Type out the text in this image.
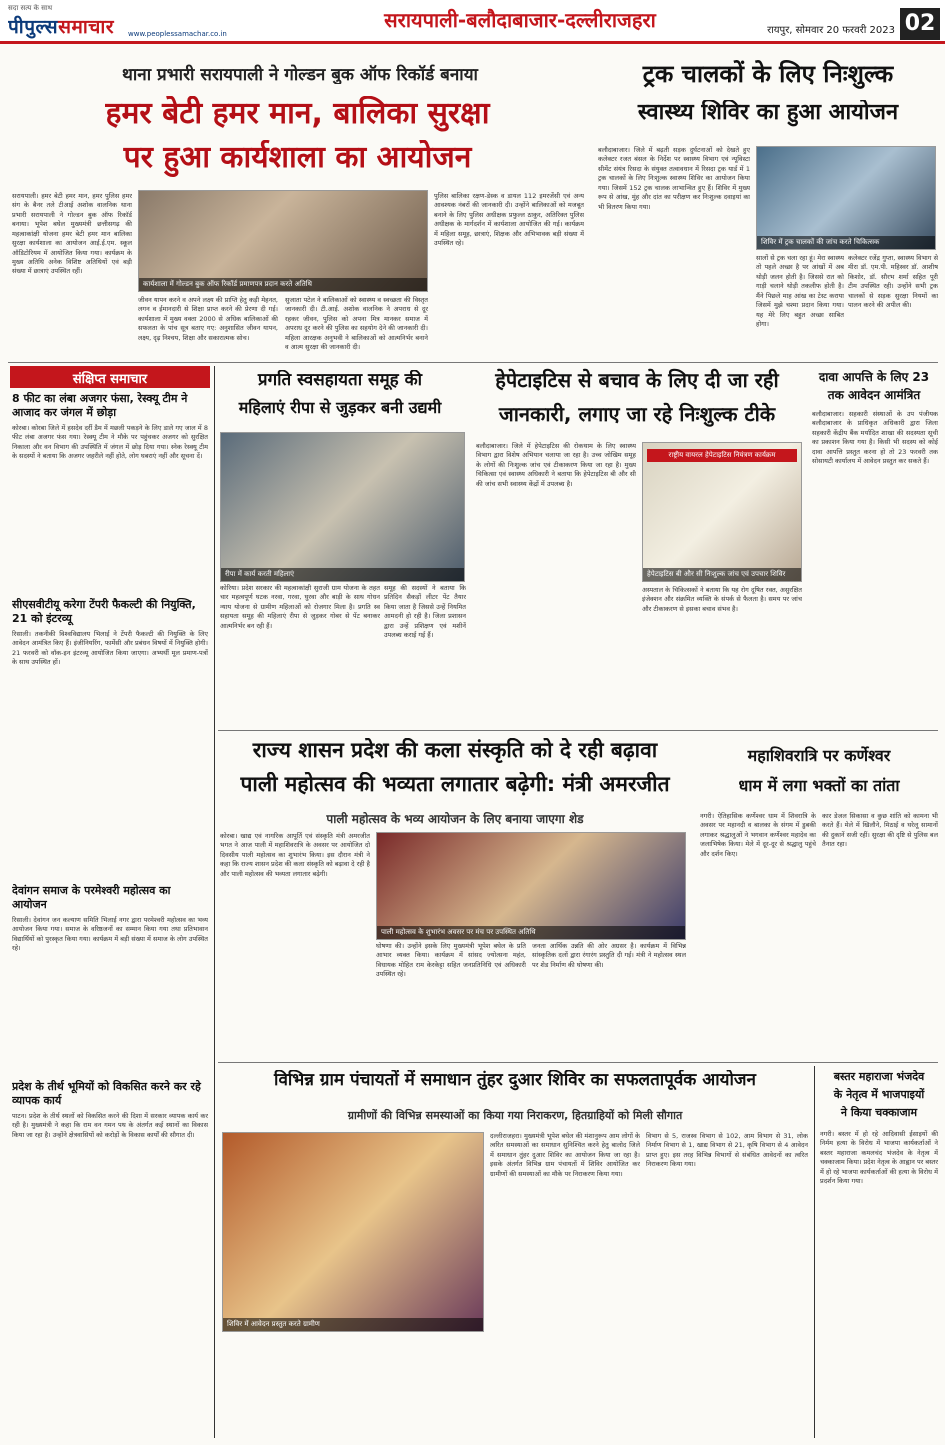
सदा सत्य के साथ
पीपुल्ससमाचार www.peoplessamachar.co.in
सरायपाली-बलौदाबाजार-दल्लीराजहरा	रायपुर, सोमवार 20 फरवरी 2023 02
थाना प्रभारी सरायपाली ने गोल्डन बुक ऑफ रिकॉर्ड बनाया
हमर बेटी हमर मान, बालिका सुरक्षा
पर हुआ कार्यशाला का आयोजन
सरायपाली। हमर बेटी हमर मान, हमर पुलिस हमर संग के बैनर तले टीआई अशोक वालनिक थाना प्रभारी सरायपाली ने गोल्डन बुक ऑफ रिकॉर्ड बनाया। भूपेश बघेल मुख्यमंत्री छत्तीसगढ़ की महत्वाकांक्षी योजना हमर बेटी हमर मान बालिका सुरक्षा कार्यशाला का आयोजन आई.ई.एम. स्कूल ऑडिटोरियम में आयोजित किया गया। कार्यक्रम के मुख्य अतिथि अनेक विशिष्ट अतिथियों एवं बड़ी संख्या में छात्राएं उपस्थित रहीं।
कार्यशाला में गोल्डन बुक ऑफ रिकॉर्ड प्रमाणपत्र प्रदान करते अतिथि
जीवन यापन करने व अपने लक्ष्य की प्राप्ति हेतु कड़ी मेहनत, लगन व ईमानदारी से शिक्षा प्राप्त करने की प्रेरणा दी गई। कार्यशाला में मुख्य वक्ता 2000 से अधिक बालिकाओं की सफलता के पांच सूत्र बताए गए: अनुशासित जीवन यापन, लक्ष्य, दृढ़ निश्चय, शिक्षा और सकारात्मक सोच।
सुजाता पटेल ने बालिकाओं को स्वास्थ्य व स्वच्छता की विस्तृत जानकारी दी। टी.आई. अशोक वालनिक ने अपराध से दूर रहकर जीवन, पुलिस को अपना मित्र मानकर समाज में अपराध दूर करने की पुलिस का सहयोग देने की जानकारी दी। महिला आरक्षक अनुभवी ने बालिकाओं को आत्मनिर्भर बनाने व आत्म सुरक्षा की जानकारी दी।
पुलिस बालिका रक्षण-डेस्क व डायल 112 इमरजेंसी एवं अन्य आवश्यक नंबरों की जानकारी दी। उन्होंने बालिकाओं को मजबूत बनाने के लिए पुलिस अधीक्षक प्रफुल्ल ठाकुर, अतिरिक्त पुलिस अधीक्षक के मार्गदर्शन में कार्यशाला आयोजित की गई। कार्यक्रम में महिला समूह, छात्राएं, शिक्षक और अभिभावक बड़ी संख्या में उपस्थित रहे।
ट्रक चालकों के लिए निःशुल्क
स्वास्थ्य शिविर का हुआ आयोजन
बलौदाबाजार। जिले में बढ़ती सड़क दुर्घटनाओं को देखते हुए कलेक्टर रजत बंसल के निर्देश पर स्वास्थ्य विभाग एवं न्यूविस्टा सीमेंट संयंत्र रिसदा के संयुक्त तत्वावधान में रिसदा ट्रक यार्ड में 1 ट्रक चालकों के लिए निःशुल्क स्वास्थ्य शिविर का आयोजन किया गया। जिसमें 152 ट्रक चालक लाभान्वित हुए हैं। शिविर में मुख्य रूप से आंख, मुंह और दांत का परीक्षण कर निःशुल्क दवाइयां का भी वितरण किया गया।
शिविर में ट्रक चालकों की जांच करते चिकित्सक
सालों से ट्रक चला रहा हूं। मेरा स्वास्थ्य तो पहले अच्छा है पर आंखों में अब थोड़ी जलन होती है। जिससे रात को गाड़ी चलाने थोड़ी तकलीफ होती है। मैंने पिछले माह आंख का टेस्ट कराया जिसमें मुझे चश्मा प्रदान किया गया। यह मेरे लिए बहुत अच्छा साबित होगा।
कलेक्टर रजेंद्र गुप्ता, स्वास्थ्य विभाग से मीरा डॉ. एम.पी. महिस्वर डॉ. आशीष किशोर, डॉ. सौरभ शर्मा सहित पूरी टीम उपस्थित रही। उन्होंने सभी ट्रक चालकों से सड़क सुरक्षा नियमों का पालन करने की अपील की।
संक्षिप्त समाचार
8 फीट का लंबा अजगर फंसा, रेस्क्यू टीम ने आजाद कर जंगल में छोड़ा
कोरबा। कोरबा जिले में हसदेव दर्री डैम में मछली पकड़ने के लिए डाले गए जाल में 8 फीट लंबा अजगर फंस गया। रेस्क्यू टीम ने मौके पर पहुंचकर अजगर को सुरक्षित निकाला और वन विभाग की उपस्थिति में जंगल में छोड़ दिया गया। स्नेक रेस्क्यू टीम के सदस्यों ने बताया कि अजगर जहरीले नहीं होते, लोग घबराएं नहीं और सूचना दें।
सीएसवीटीयू करेगा टेंपरी फैकल्टी की नियुक्ति, 21 को इंटरव्यू
रिसाली। तकनीकी विश्वविद्यालय भिलाई ने टेंपरी फैकल्टी की नियुक्ति के लिए आवेदन आमंत्रित किए हैं। इंजीनियरिंग, फार्मेसी और प्रबंधन विषयों में नियुक्ति होगी। 21 फरवरी को वॉक-इन इंटरव्यू आयोजित किया जाएगा। अभ्यर्थी मूल प्रमाण-पत्रों के साथ उपस्थित हों।
देवांगन समाज के परमेश्वरी महोत्सव का आयोजन
रिसाली। देवांगन जन कल्याण समिति भिलाई नगर द्वारा परमेश्वरी महोत्सव का भव्य आयोजन किया गया। समाज के वरिष्ठजनों का सम्मान किया गया तथा प्रतिभावान विद्यार्थियों को पुरस्कृत किया गया। कार्यक्रम में बड़ी संख्या में समाज के लोग उपस्थित रहे।
प्रदेश के तीर्थ भूमियों को विकसित करने कर रहे व्यापक कार्य
पाटन। प्रदेश के तीर्थ स्थलों को विकसित करने की दिशा में सरकार व्यापक कार्य कर रही है। मुख्यमंत्री ने कहा कि राम वन गमन पथ के अंतर्गत कई स्थानों का विकास किया जा रहा है। उन्होंने क्षेत्रवासियों को करोड़ों के विकास कार्यों की सौगात दी।
प्रगति स्वसहायता समूह की
महिलाएं रीपा से जुड़कर बनी उद्यमी
रीपा में कार्य करती महिलाएं
कोरिया। प्रदेश सरकार की महत्वाकांक्षी सुराजी ग्राम योजना के तहत चार महत्वपूर्ण घटक नरवा, गरवा, घुरवा और बाड़ी के साथ गोधन न्याय योजना से ग्रामीण महिलाओं को रोजगार मिला है। प्रगति स्व सहायता समूह की महिलाएं रीपा से जुड़कर गोबर से पेंट बनाकर आत्मनिर्भर बन रही हैं।
समूह की सदस्यों ने बताया कि प्रतिदिन सैकड़ों लीटर पेंट तैयार किया जाता है जिससे उन्हें नियमित आमदनी हो रही है। जिला प्रशासन द्वारा उन्हें प्रशिक्षण एवं मशीनें उपलब्ध कराई गई हैं।
हेपेटाइटिस से बचाव के लिए दी जा रही
जानकारी, लगाए जा रहे निःशुल्क टीके
बलौदाबाजार। जिले में हेपेटाइटिस की रोकथाम के लिए स्वास्थ्य विभाग द्वारा विशेष अभियान चलाया जा रहा है। उच्च जोखिम समूह के लोगों की निःशुल्क जांच एवं टीकाकरण किया जा रहा है। मुख्य चिकित्सा एवं स्वास्थ्य अधिकारी ने बताया कि हेपेटाइटिस बी और सी की जांच सभी स्वास्थ्य केंद्रों में उपलब्ध है।
राष्ट्रीय वायरल हेपेटाइटिस नियंत्रण कार्यक्रम
हेपेटाइटिस बी और सी निःशुल्क जांच एवं उपचार शिविर
अस्पताल के चिकित्सकों ने बताया कि यह रोग दूषित रक्त, असुरक्षित इंजेक्शन और संक्रमित व्यक्ति के संपर्क से फैलता है। समय पर जांच और टीकाकरण से इसका बचाव संभव है।
दावा आपत्ति के लिए 23
तक आवेदन आमंत्रित
बलौदाबाजार। सहकारी संस्थाओं के उप पंजीयक बलौदाबाजार के प्राधिकृत अधिकारी द्वारा जिला सहकारी केंद्रीय बैंक मर्यादित शाखा की सदस्यता सूची का प्रकाशन किया गया है। किसी भी सदस्य को कोई दावा आपत्ति प्रस्तुत करना हो तो 23 फरवरी तक सोसायटी कार्यालय में आवेदन प्रस्तुत कर सकते हैं।
राज्य शासन प्रदेश की कला संस्कृति को दे रही बढ़ावा
पाली महोत्सव की भव्यता लगातार बढ़ेगी: मंत्री अमरजीत
पाली महोत्सव के भव्य आयोजन के लिए बनाया जाएगा शेड
कोरबा। खाद्य एवं नागरिक आपूर्ति एवं संस्कृति मंत्री अमरजीत भगत ने आज पाली में महाशिवरात्रि के अवसर पर आयोजित दो दिवसीय पाली महोत्सव का शुभारंभ किया। इस दौरान मंत्री ने कहा कि राज्य शासन प्रदेश की कला संस्कृति को बढ़ावा दे रही है और पाली महोत्सव की भव्यता लगातार बढ़ेगी।
पाली महोत्सव के शुभारंभ अवसर पर मंच पर उपस्थित अतिथि
घोषणा की। उन्होंने इसके लिए मुख्यमंत्री भूपेश बघेल के प्रति आभार व्यक्त किया। कार्यक्रम में सांसद ज्योत्सना महंत, विधायक मोहित राम केरकेट्टा सहित जनप्रतिनिधि एवं अधिकारी उपस्थित रहे।
जनता आर्थिक उन्नति की ओर अग्रसर है। कार्यक्रम में विभिन्न सांस्कृतिक दलों द्वारा रंगारंग प्रस्तुति दी गई। मंत्री ने महोत्सव स्थल पर शेड निर्माण की घोषणा की।
महाशिवरात्रि पर कर्णेश्वर
धाम में लगा भक्तों का तांता
नगरी। ऐतिहासिक कर्णेश्वर धाम में शिवरात्रि के अवसर पर महानदी व बालका के संगम में डुबकी लगाकर श्रद्धालुओं ने भगवान कर्णेश्वर महादेव का जलाभिषेक किया। मेले में दूर-दूर से श्रद्धालु पहुंचे और दर्शन किए।
कार डेजल सिकासा व कुछ शांति को कामना भी करते हैं। मेले में खिलौने, मिठाई व घरेलू सामानों की दुकानें सजी रहीं। सुरक्षा की दृष्टि से पुलिस बल तैनात रहा।
विभिन्न ग्राम पंचायतों में समाधान तुंहर दुआर शिविर का सफलतापूर्वक आयोजन
ग्रामीणों की विभिन्न समस्याओं का किया गया निराकरण, हितग्राहियों को मिली सौगात
शिविर में आवेदन प्रस्तुत करते ग्रामीण
दल्लीराजहरा। मुख्यमंत्री भूपेश बघेल की मंशानुरूप आम लोगों के त्वरित समस्याओं का समाधान सुनिश्चित करने हेतु बालोद जिले में समाधान तुंहर दुआर शिविर का आयोजन किया जा रहा है। इसके अंतर्गत विभिन्न ग्राम पंचायतों में शिविर आयोजित कर ग्रामीणों की समस्याओं का मौके पर निराकरण किया गया।
विभाग से 5, राजस्व विभाग से 102, आम विभाग से 31, लोक निर्माण विभाग से 1, खाद्य विभाग से 21, कृषि विभाग से 4 आवेदन प्राप्त हुए। इस तरह विभिन्न विभागों से संबंधित आवेदनों का त्वरित निराकरण किया गया।
बस्तर महाराजा भंजदेव
के नेतृत्व में भाजपाइयों
ने किया चक्काजाम
नगरी। बस्तर में हो रहे आदिवासी ईसाइयों की निर्मम हत्या के विरोध में भाजपा कार्यकर्ताओं ने बस्तर महाराजा कमलचंद भंजदेव के नेतृत्व में चक्काजाम किया। प्रदेश नेतृत्व के आह्वान पर बस्तर में हो रहे भाजपा कार्यकर्ताओं की हत्या के विरोध में प्रदर्शन किया गया।
